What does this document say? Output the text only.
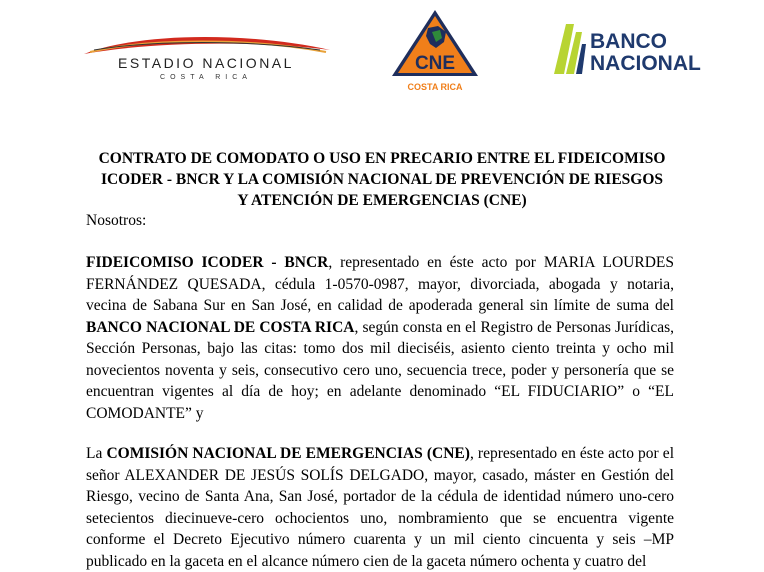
ESTADIO NACIONAL
COSTA RICA
CNE
COSTA RICA
BANCO
NACIONAL
CONTRATO DE COMODATO O USO EN PRECARIO ENTRE EL FIDEICOMISO
ICODER - BNCR Y LA COMISIÓN NACIONAL DE PREVENCIÓN DE RIESGOS
Y ATENCIÓN DE EMERGENCIAS (CNE)
Nosotros:
FIDEICOMISO ICODER - BNCR, representado en éste acto por MARIA LOURDES FERNÁNDEZ QUESADA, cédula 1-0570-0987, mayor, divorciada, abogada y notaria, vecina de Sabana Sur en San José, en calidad de apoderada general sin límite de suma del BANCO NACIONAL DE COSTA RICA, según consta en el Registro de Personas Jurídicas, Sección Personas, bajo las citas: tomo dos mil dieciséis, asiento ciento treinta y ocho mil novecientos noventa y seis, consecutivo cero uno, secuencia trece, poder y personería que se encuentran vigentes al día de hoy; en adelante denominado “EL FIDUCIARIO” o “EL COMODANTE” y
La COMISIÓN NACIONAL DE EMERGENCIAS (CNE), representado en éste acto por el señor ALEXANDER DE JESÚS SOLÍS DELGADO, mayor, casado, máster en Gestión del Riesgo, vecino de Santa Ana, San José, portador de la cédula de identidad número uno-cero setecientos diecinueve-cero ochocientos uno, nombramiento que se encuentra vigente conforme el Decreto Ejecutivo número cuarenta y un mil ciento cincuenta y seis –MP publicado en la gaceta en el alcance número cien de la gaceta número ochenta y cuatro del
